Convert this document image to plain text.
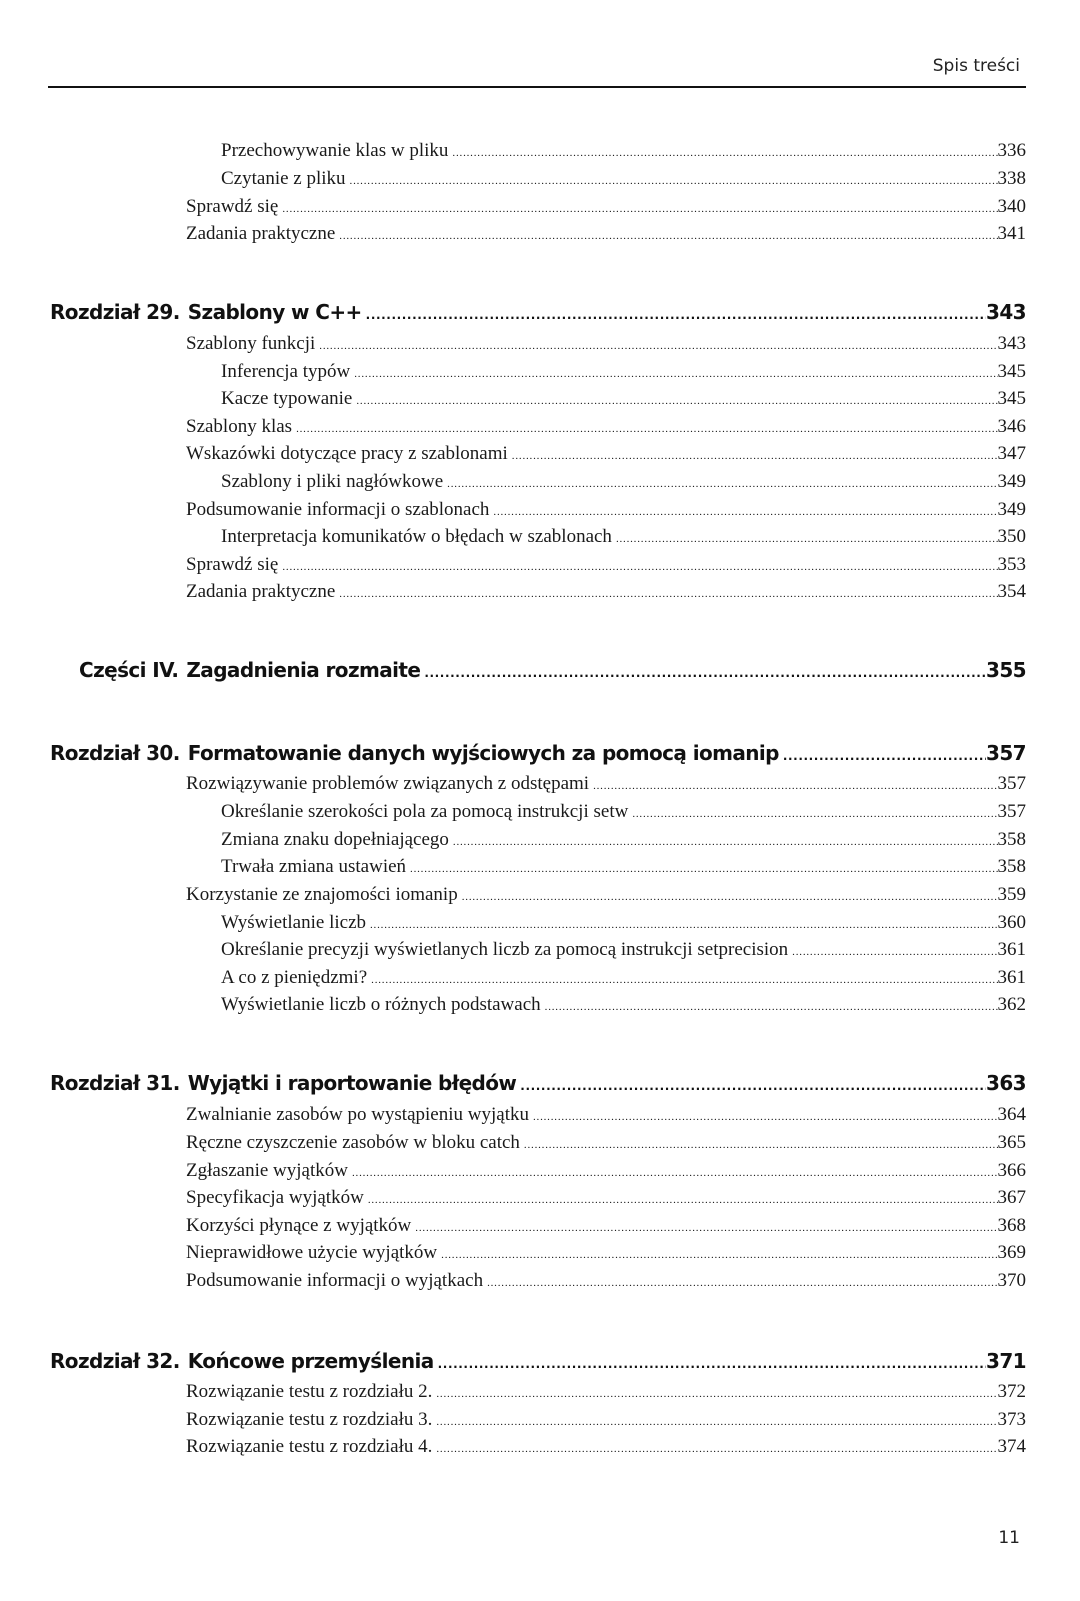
Spis treści
Przechowywanie klas w pliku .....	336
Czytanie z pliku .....	338
Sprawdź się .....	340
Zadania praktyczne .....	341
Rozdział 29. Szablony w C++ .....	343
Szablony funkcji .....	343
Inferencja typów .....	345
Kacze typowanie .....	345
Szablony klas .....	346
Wskazówki dotyczące pracy z szablonami .....	347
Szablony i pliki nagłówkowe .....	349
Podsumowanie informacji o szablonach .....	349
Interpretacja komunikatów o błędach w szablonach .....	350
Sprawdź się .....	353
Zadania praktyczne .....	354
Części IV. Zagadnienia rozmaite .....	355
Rozdział 30. Formatowanie danych wyjściowych za pomocą iomanip .....	357
Rozwiązywanie problemów związanych z odstępami .....	357
Określanie szerokości pola za pomocą instrukcji setw .....	357
Zmiana znaku dopełniającego .....	358
Trwała zmiana ustawień .....	358
Korzystanie ze znajomości iomanip .....	359
Wyświetlanie liczb .....	360
Określanie precyzji wyświetlanych liczb za pomocą instrukcji setprecision .....	361
A co z pieniędzmi? .....	361
Wyświetlanie liczb o różnych podstawach .....	362
Rozdział 31. Wyjątki i raportowanie błędów .....	363
Zwalnianie zasobów po wystąpieniu wyjątku .....	364
Ręczne czyszczenie zasobów w bloku catch .....	365
Zgłaszanie wyjątków .....	366
Specyfikacja wyjątków .....	367
Korzyści płynące z wyjątków .....	368
Nieprawidłowe użycie wyjątków .....	369
Podsumowanie informacji o wyjątkach .....	370
Rozdział 32. Końcowe przemyślenia .....	371
Rozwiązanie testu z rozdziału 2. .....	372
Rozwiązanie testu z rozdziału 3. .....	373
Rozwiązanie testu z rozdziału 4. .....	374
11
